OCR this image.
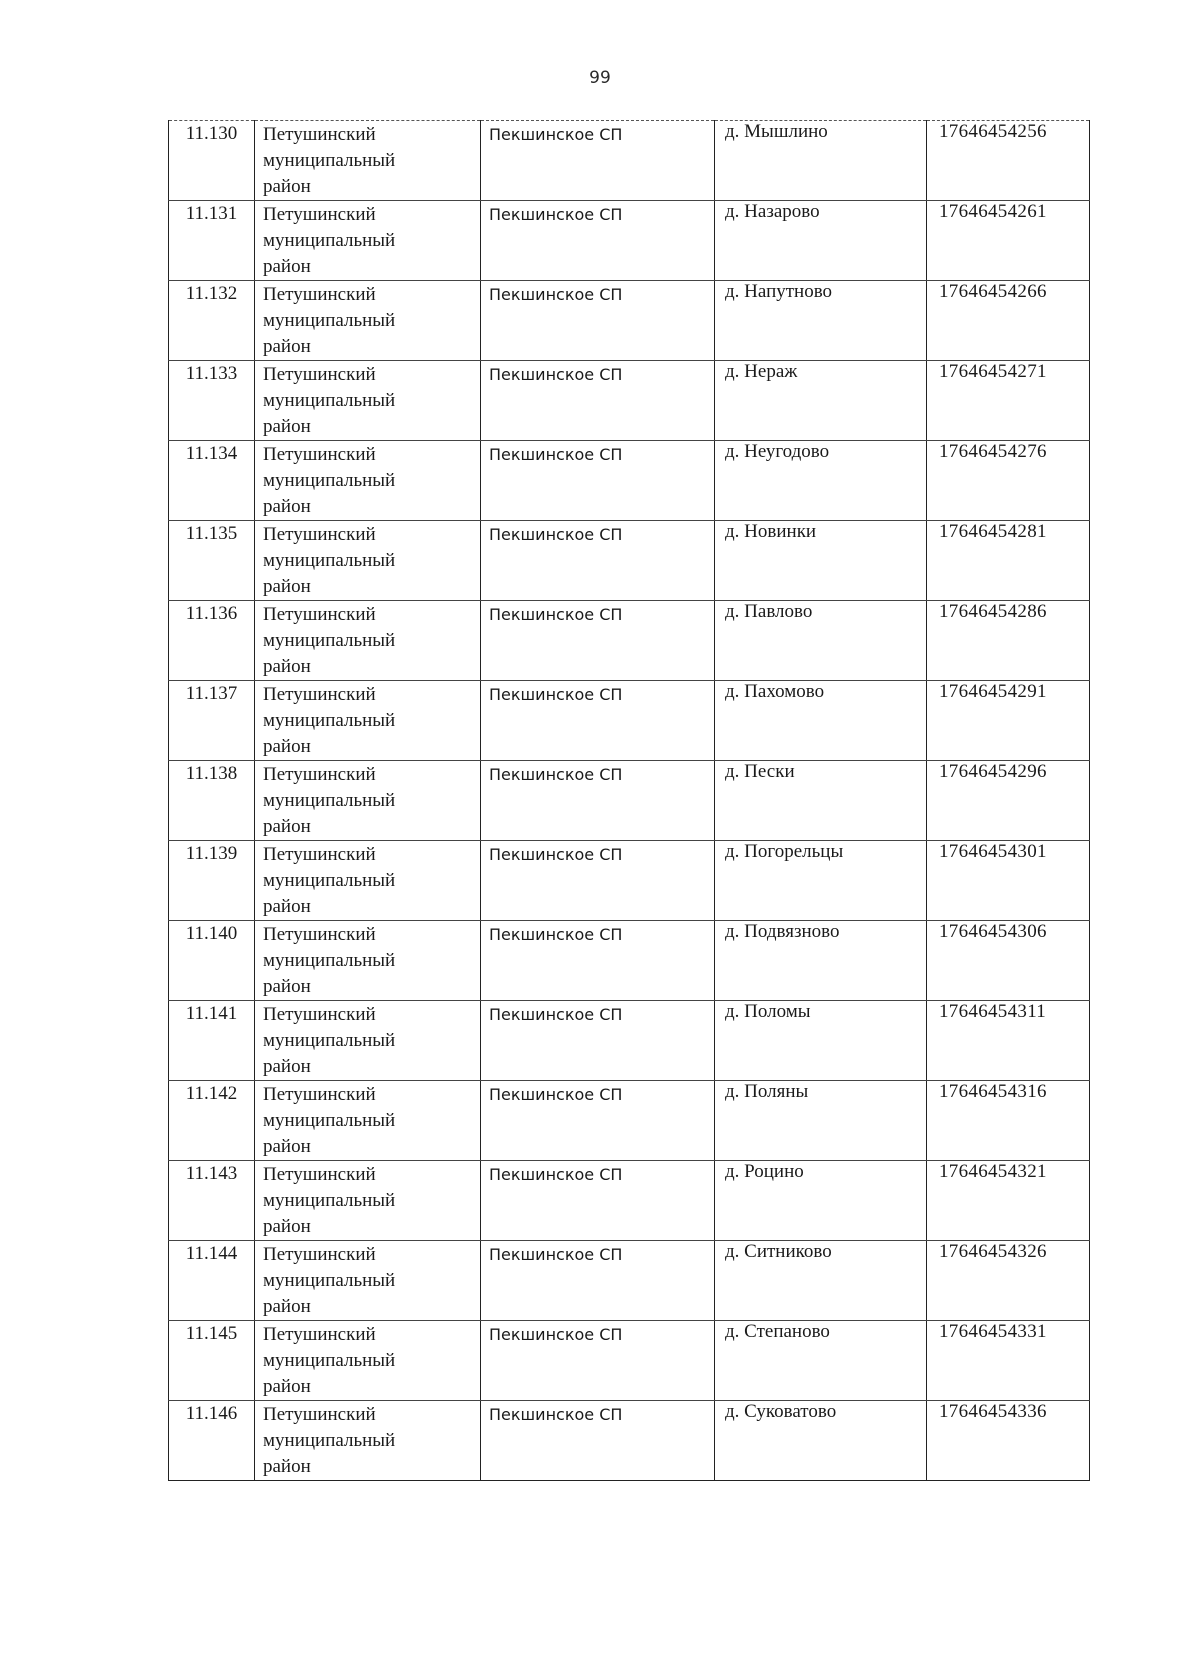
99
11.130	Петушинский
муниципальный
район	Пекшинское СП	д. Мышлино	17646454256

11.131	Петушинский
муниципальный
район	Пекшинское СП	д. Назарово	17646454261

11.132	Петушинский
муниципальный
район	Пекшинское СП	д. Напутново	17646454266

11.133	Петушинский
муниципальный
район	Пекшинское СП	д. Нераж	17646454271

11.134	Петушинский
муниципальный
район	Пекшинское СП	д. Неугодово	17646454276

11.135	Петушинский
муниципальный
район	Пекшинское СП	д. Новинки	17646454281

11.136	Петушинский
муниципальный
район	Пекшинское СП	д. Павлово	17646454286

11.137	Петушинский
муниципальный
район	Пекшинское СП	д. Пахомово	17646454291

11.138	Петушинский
муниципальный
район	Пекшинское СП	д. Пески	17646454296

11.139	Петушинский
муниципальный
район	Пекшинское СП	д. Погорельцы	17646454301

11.140	Петушинский
муниципальный
район	Пекшинское СП	д. Подвязново	17646454306

11.141	Петушинский
муниципальный
район	Пекшинское СП	д. Поломы	17646454311

11.142	Петушинский
муниципальный
район	Пекшинское СП	д. Поляны	17646454316

11.143	Петушинский
муниципальный
район	Пекшинское СП	д. Роцино	17646454321

11.144	Петушинский
муниципальный
район	Пекшинское СП	д. Ситниково	17646454326

11.145	Петушинский
муниципальный
район	Пекшинское СП	д. Степаново	17646454331

11.146	Петушинский
муниципальный
район	Пекшинское СП	д. Суковатово	17646454336
